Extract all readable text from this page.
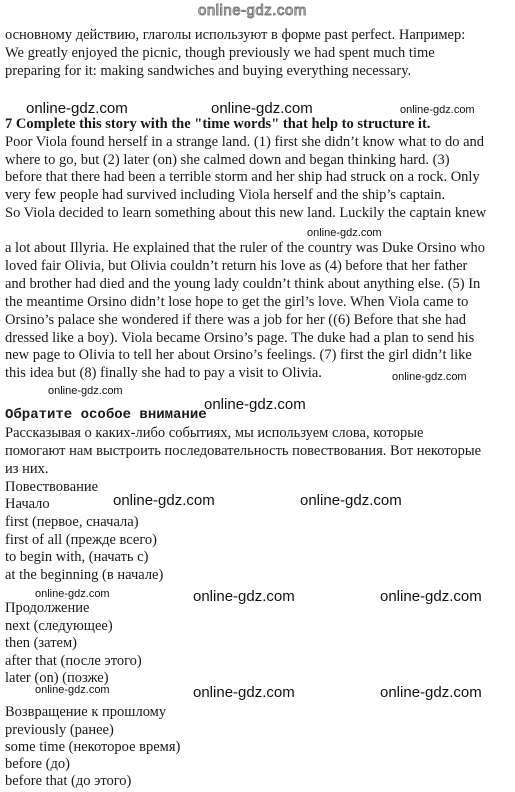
online-gdz.com
основному действию, глаголы используют в форме past perfect. Например:
We greatly enjoyed the picnic, though previously we had spent much time
preparing for it: making sandwiches and buying everything necessary.
online-gdz.com	online-gdz.com	online-gdz.com
7 Complete this story with the "time words" that help to structure it.
Poor Viola found herself in a strange land. (1) first she didn’t know what to do and
where to go, but (2) later (on) she calmed down and began thinking hard. (3)
before that there had been a terrible storm and her ship had struck on a rock. Only
very few people had survived including Viola herself and the ship’s captain.
So Viola decided to learn something about this new land. Luckily the captain knew
online-gdz.com
a lot about Illyria. He explained that the ruler of the country was Duke Orsino who
loved fair Olivia, but Olivia couldn’t return his love as (4) before that her father
and brother had died and the young lady couldn’t think about anything else. (5) In
the meantime Orsino didn’t lose hope to get the girl’s love. When Viola came to
Orsino’s palace she wondered if there was a job for her ((6) Before that she had
dressed like a boy). Viola became Orsino’s page. The duke had a plan to send his
new page to Olivia to tell her about Orsino’s feelings. (7) first the girl didn’t like
this idea but (8) finally she had to pay a visit to Olivia.	online-gdz.com
online-gdz.com
online-gdz.com
Обратите особое внимание
Рассказывая о каких-либо событиях, мы используем слова, которые
помогают нам выстроить последовательность повествования. Вот некоторые
из них.
Повествование
Начало	online-gdz.com	online-gdz.com
first (первое, сначала)
first of all (прежде всего)
to begin with, (начать с)
at the beginning (в начале)
online-gdz.com	online-gdz.com	online-gdz.com
Продолжение
next (следующее)
then (затем)
after that (после этого)
later (on) (позже)
online-gdz.com	online-gdz.com	online-gdz.com
Возвращение к прошлому
previously (ранее)
some time (некоторое время)
before (до)
before that (до этого)
